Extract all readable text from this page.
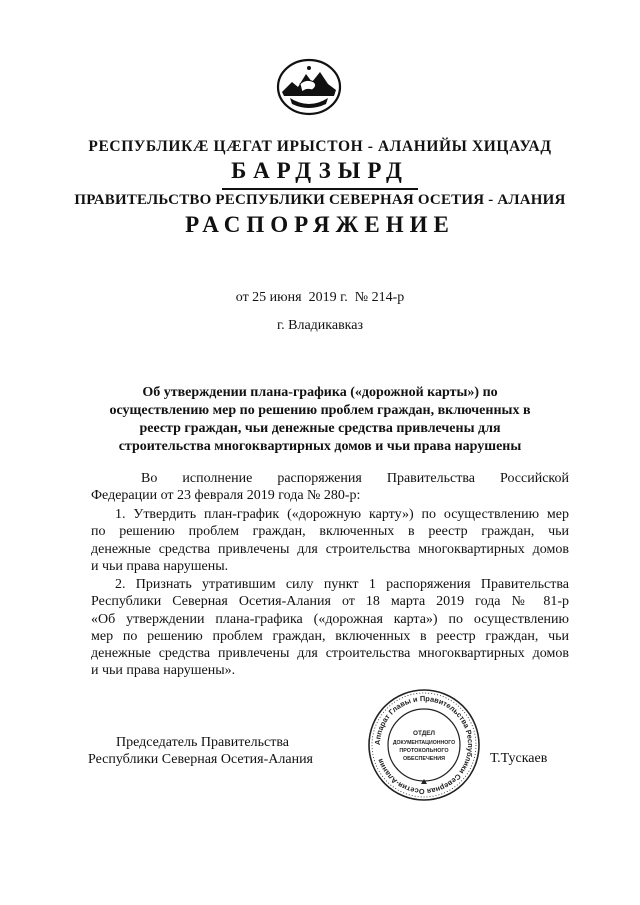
РЕСПУБЛИКӔ ЦӔГАТ ИРЫСТОН - АЛАНИЙЫ ХИЦАУАД
БАРДЗЫРД
ПРАВИТЕЛЬСТВО РЕСПУБЛИКИ СЕВЕРНАЯ ОСЕТИЯ - АЛАНИЯ
РАСПОРЯЖЕНИЕ
от 25 июня  2019 г.  № 214-р
г. Владикавказ
Об утверждении плана-графика («дорожной карты») по
осуществлению мер по решению проблем граждан, включенных в
реестр граждан, чьи денежные средства привлечены для
строительства многоквартирных домов и чьи права нарушены
Во исполнение распоряжения Правительства Российской
Федерации от 23 февраля 2019 года № 280-р:
1. Утвердить план-график («дорожную карту») по осуществлению мер
по решению проблем граждан, включенных в реестр граждан, чьи
денежные средства привлечены для строительства многоквартирных домов
и чьи права нарушены.
2. Признать утратившим силу пункт 1 распоряжения Правительства
Республики Северная Осетия-Алания от 18 марта 2019 года № 81-р
«Об утверждении плана-графика («дорожная карта») по осуществлению
мер по решению проблем граждан, включенных в реестр граждан, чьи
денежные средства привлечены для строительства многоквартирных домов
и чьи права нарушены».
Председатель Правительства
Республики Северная Осетия-Алания
Аппарат Главы и Правительства Республики Северная Осетия-Алания
ОТДЕЛ
ДОКУМЕНТАЦИОННОГО
ПРОТОКОЛЬНОГО
ОБЕСПЕЧЕНИЯ	Т.Тускаев
